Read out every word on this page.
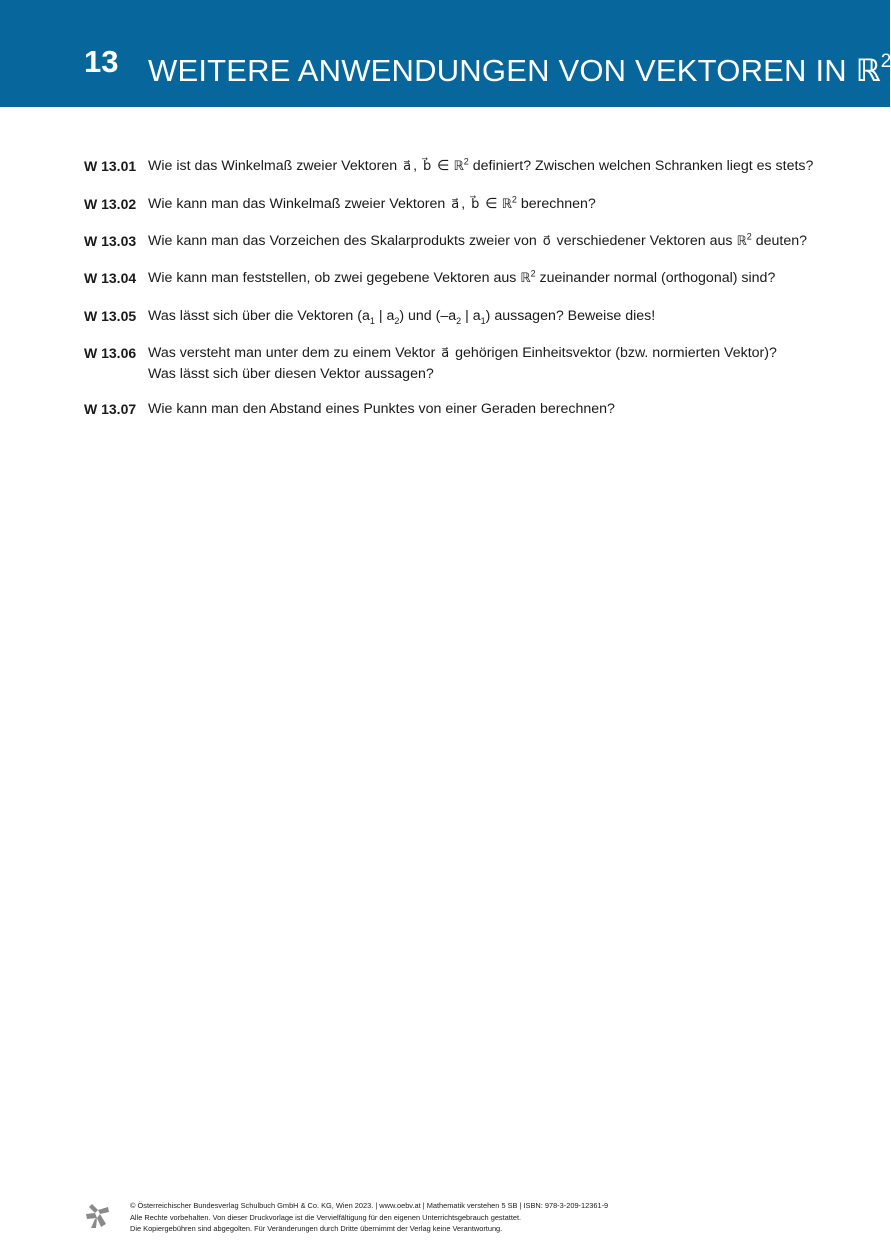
13 WEITERE ANWENDUNGEN VON VEKTOREN IN ℝ$^2$
W 13.01 Wie ist das Winkelmaß zweier Vektoren a⃗ , b⃗ ∈ ℝ$^2$ definiert? Zwischen welchen Schranken liegt es stets?
W 13.02 Wie kann man das Winkelmaß zweier Vektoren a⃗ , b⃗ ∈ ℝ$^2$ berechnen?
W 13.03 Wie kann man das Vorzeichen des Skalarprodukts zweier von o⃗ verschiedener Vektoren aus ℝ$^2$ deuten?
W 13.04 Wie kann man feststellen, ob zwei gegebene Vektoren aus ℝ$^2$ zueinander normal (orthogonal) sind?
W 13.05 Was lässt sich über die Vektoren ($a_1$ | $a_2$) und ($-a_2$ | $a_1$) aussagen? Beweise dies!
W 13.06 Was versteht man unter dem zu einem Vektor a⃗ gehörigen Einheitsvektor (bzw. normierten Vektor)?
Was lässt sich über diesen Vektor aussagen?
W 13.07 Wie kann man den Abstand eines Punktes von einer Geraden berechnen?
© Österreichischer Bundesverlag Schulbuch GmbH & Co. KG, Wien 2023. | www.oebv.at | Mathematik verstehen 5 SB | ISBN: 978-3-209-12361-9
Alle Rechte vorbehalten. Von dieser Druckvorlage ist die Vervielfältigung für den eigenen Unterrichtsgebrauch gestattet.
Die Kopiergebühren sind abgegolten. Für Veränderungen durch Dritte übernimmt der Verlag keine Verantwortung.
